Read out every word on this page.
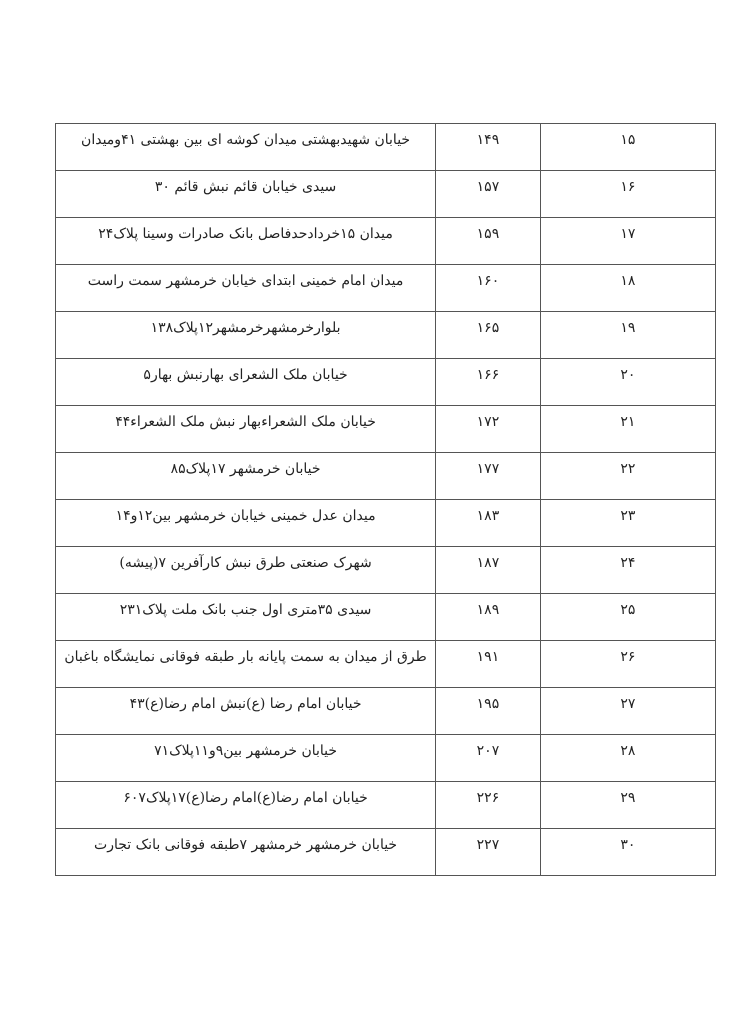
۱۵	۱۴۹	خیابان شهیدبهشتی میدان کوشه ای بین بهشتی ۴۱ومیدان

۱۶	۱۵۷	سیدی خیابان قائم نبش قائم ۳۰

۱۷	۱۵۹	میدان ۱۵خردادحدفاصل بانک صادرات وسینا پلاک۲۴

۱۸	۱۶۰	میدان امام خمینی ابتدای خیابان خرمشهر سمت راست

۱۹	۱۶۵	بلوارخرمشهرخرمشهر۱۲پلاک۱۳۸

۲۰	۱۶۶	خیابان ملک الشعرای بهارنبش بهار۵

۲۱	۱۷۲	خیابان ملک الشعراءبهار نبش ملک الشعراء۴۴

۲۲	۱۷۷	خیابان خرمشهر ۱۷پلاک۸۵

۲۳	۱۸۳	میدان عدل خمینی خیابان خرمشهر بین۱۲و۱۴

۲۴	۱۸۷	شهرک صنعتی طرق نبش کارآفرین ۷(پیشه)

۲۵	۱۸۹	سیدی ۳۵متری اول جنب بانک ملت پلاک۲۳۱

۲۶	۱۹۱	طرق از میدان به سمت پایانه بار طبقه فوقانی نمایشگاه باغبان

۲۷	۱۹۵	خیابان امام رضا (ع)نبش امام رضا(ع)۴۳

۲۸	۲۰۷	خیابان خرمشهر بین۹و۱۱پلاک۷۱

۲۹	۲۲۶	خیابان امام رضا(ع)امام رضا(ع)۱۷پلاک۶۰۷

۳۰	۲۲۷	خیابان خرمشهر خرمشهر ۷طبقه فوقانی بانک تجارت
